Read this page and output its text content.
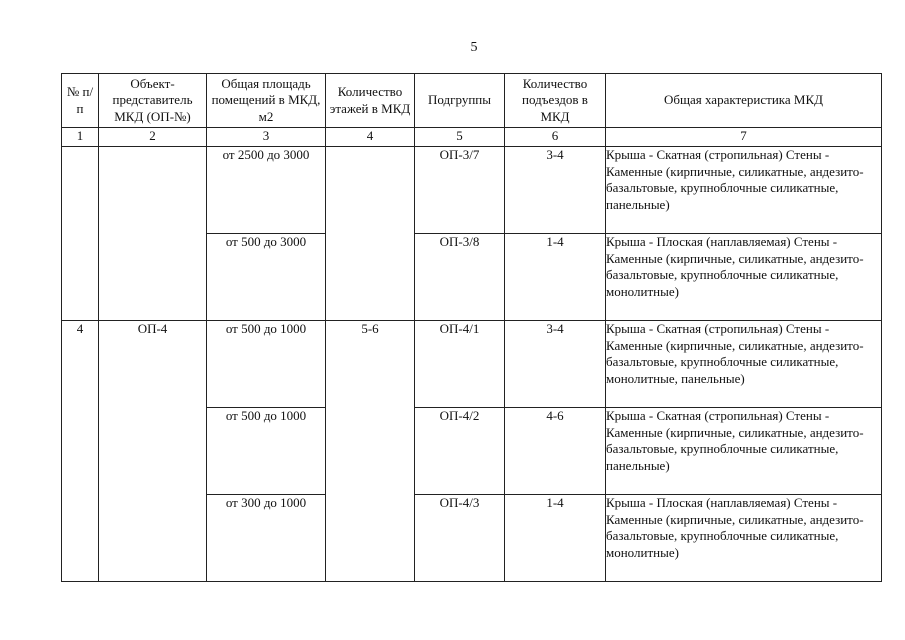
5
№ п/п	Объект-представитель МКД (ОП-№)	Общая площадь помещений в МКД, м2	Количество этажей в МКД	Подгруппы	Количество подъездов в МКД	Общая характеристика МКД

1	2	3	4	5	6	7
		от 2500 до 3000		ОП-3/7	3-4	Крыша - Скатная (стропильная) Стены - Каменные (кирпичные, силикатные, андезито-базальтовые, крупноблочные силикатные, панельные)
		от 500 до 3000		ОП-3/8	1-4	Крыша - Плоская (наплавляемая) Стены - Каменные (кирпичные, силикатные, андезито-базальтовые, крупноблочные силикатные, монолитные)
4	ОП-4	от 500 до 1000	5-6	ОП-4/1	3-4	Крыша - Скатная (стропильная) Стены - Каменные (кирпичные, силикатные, андезито-базальтовые, крупноблочные силикатные, монолитные, панельные)
		от 500 до 1000		ОП-4/2	4-6	Крыша - Скатная (стропильная) Стены - Каменные (кирпичные, силикатные, андезито-базальтовые, крупноблочные силикатные, панельные)
		от 300 до 1000		ОП-4/3	1-4	Крыша - Плоская (наплавляемая) Стены - Каменные (кирпичные, силикатные, андезито-базальтовые, крупноблочные силикатные, монолитные)
